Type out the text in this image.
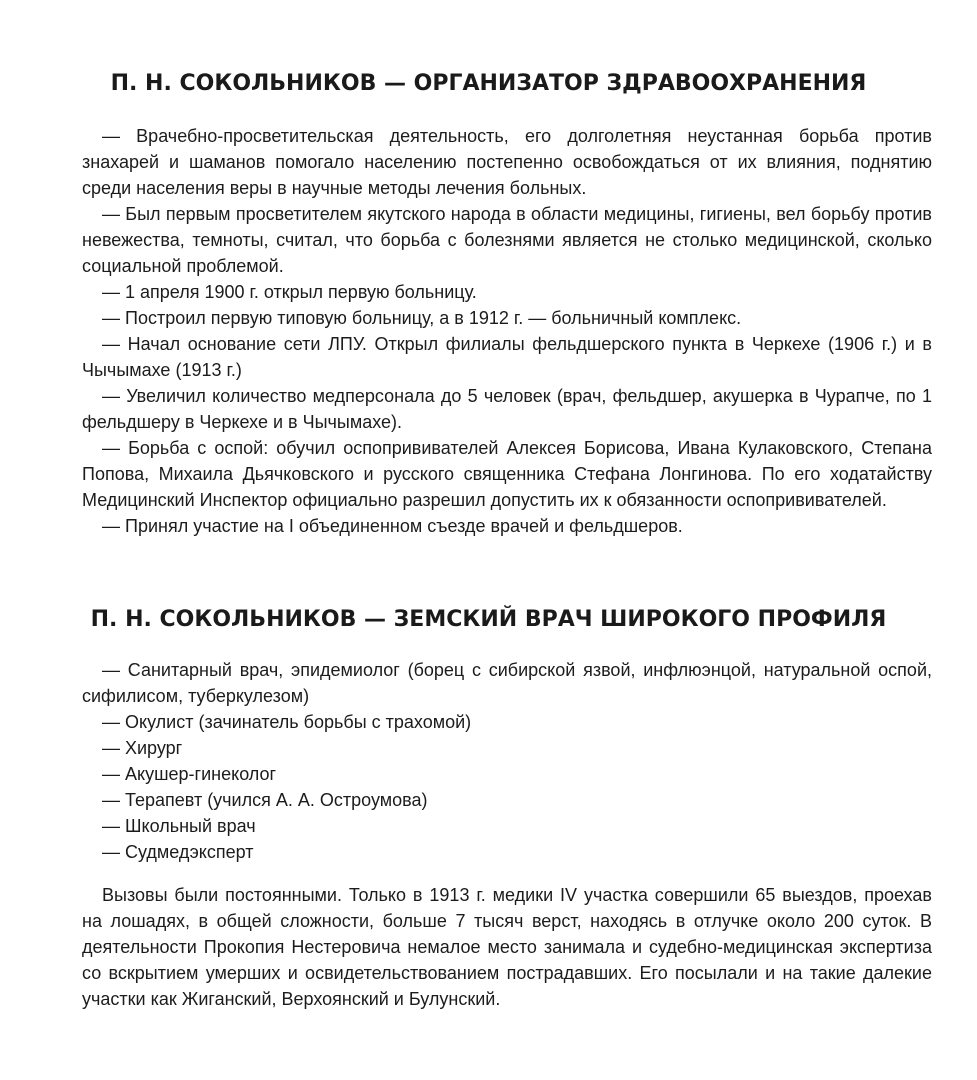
П. Н. СОКОЛЬНИКОВ — ОРГАНИЗАТОР ЗДРАВООХРАНЕНИЯ

— Врачебно-просветительская деятельность, его долголетняя неустанная борьба против знахарей и шаманов помогало населению постепенно освобождаться от их влияния, поднятию среди населения веры в научные методы лечения больных.

— Был первым просветителем якутского народа в области медицины, гигиены, вел борьбу против невежества, темноты, считал, что борьба с болезнями является не столько медицинской, сколько социальной проблемой.

— 1 апреля 1900 г. открыл первую больницу.

— Построил первую типовую больницу, а в 1912 г. — больничный комплекс.

— Начал основание сети ЛПУ. Открыл филиалы фельдшерского пункта в Черкехе (1906 г.) и в Чычымахе (1913 г.)

— Увеличил количество медперсонала до 5 человек (врач, фельдшер, акушерка в Чурапче, по 1 фельдшеру в Черкехе и в Чычымахе).

— Борьба с оспой: обучил оспопрививателей Алексея Борисова, Ивана Кулаковского, Степана Попова, Михаила Дьячковского и русского священника Стефана Лонгинова. По его ходатайству Медицинский Инспектор официально разрешил допустить их к обязанности оспопрививателей.

— Принял участие на I объединенном съезде врачей и фельдшеров.

П. Н. СОКОЛЬНИКОВ — ЗЕМСКИЙ ВРАЧ ШИРОКОГО ПРОФИЛЯ

— Санитарный врач, эпидемиолог (борец с сибирской язвой, инфлюэнцой, натуральной оспой, сифилисом, туберкулезом)

— Окулист (зачинатель борьбы с трахомой)

— Хирург

— Акушер-гинеколог

— Терапевт (учился А. А. Остроумова)

— Школьный врач

— Судмедэксперт

Вызовы были постоянными. Только в 1913 г. медики IV участка совершили 65 выездов, проехав на лошадях, в общей сложности, больше 7 тысяч верст, находясь в отлучке около 200 суток. В деятельности Прокопия Нестеровича немалое место занимала и судебно-медицинская экспертиза со вскрытием умерших и освидетельствованием пострадавших. Его посылали и на такие далекие участки как Жиганский, Верхоянский и Булунский.
